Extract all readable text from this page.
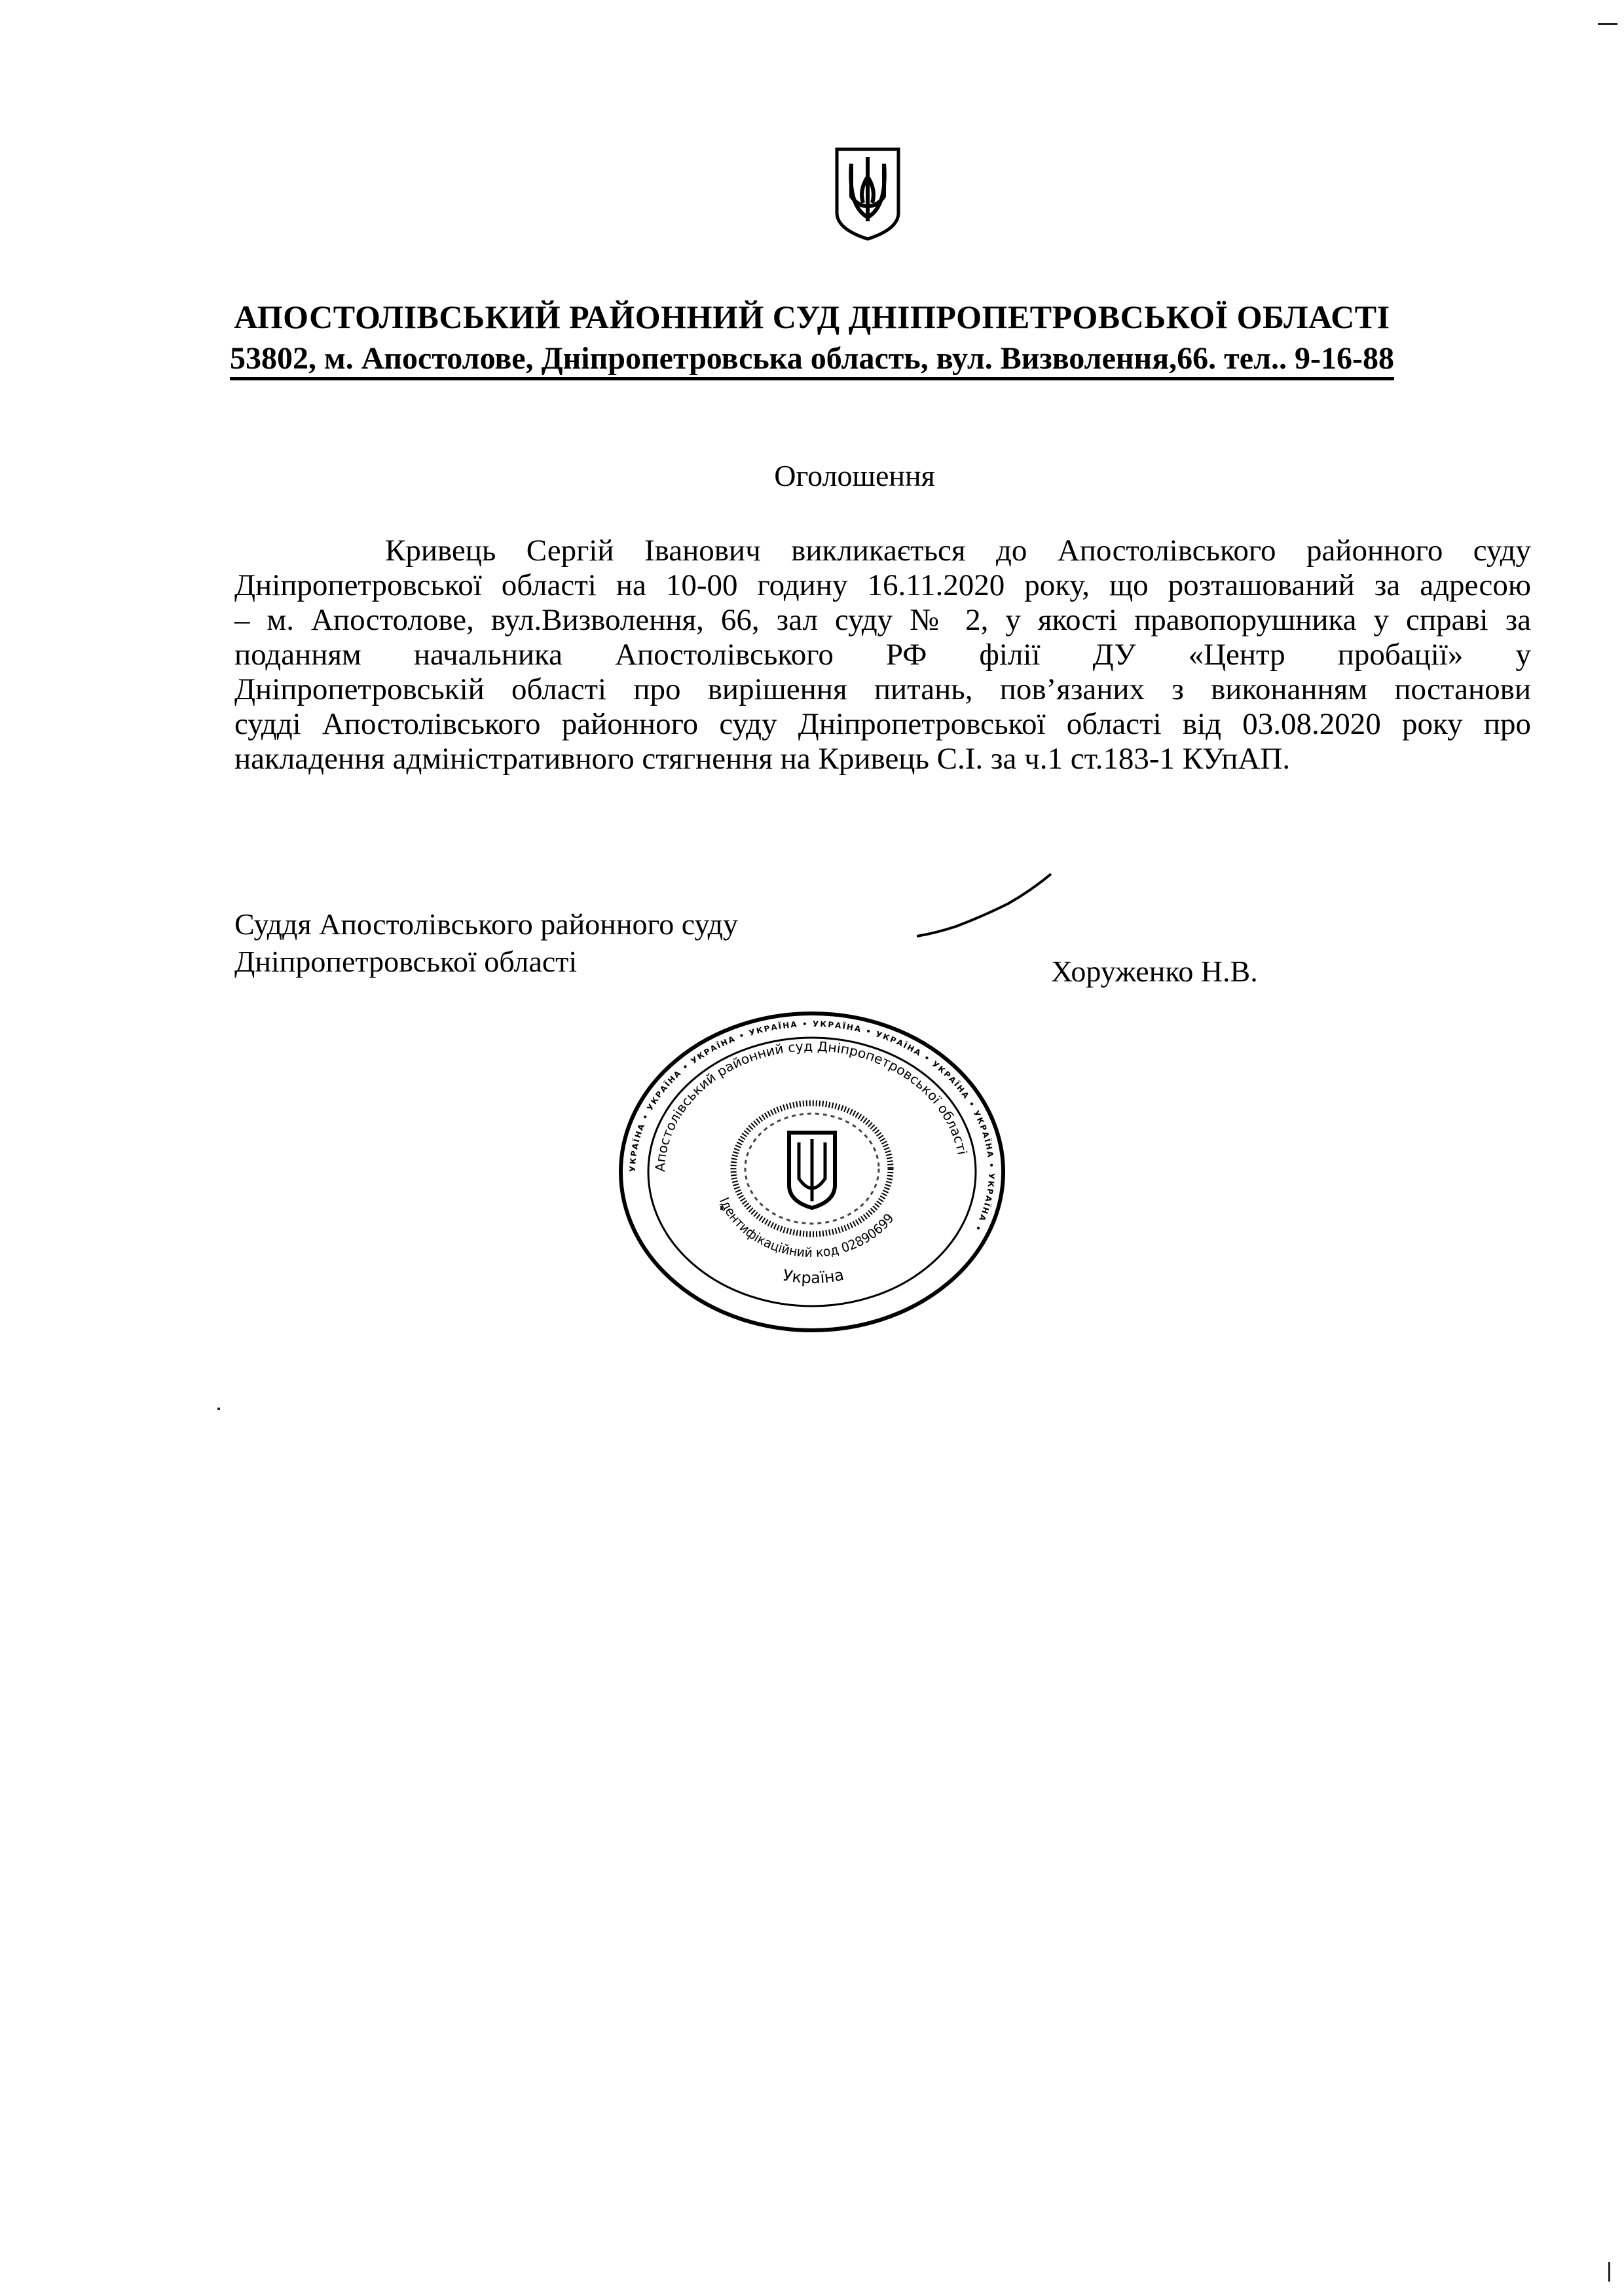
АПОСТОЛІВСЬКИЙ РАЙОННИЙ СУД ДНІПРОПЕТРОВСЬКОЇ ОБЛАСТІ
53802, м. Апостолове, Дніпропетровська область, вул. Визволення,66. тел.. 9-16-88
Оголошення
Кривець Сергій Іванович викликається до Апостолівського районного суду
Дніпропетровської області на 10-00 годину 16.11.2020 року, що розташований за адресою
– м. Апостолове, вул.Визволення, 66, зал суду № 2, у якості правопорушника у справі за
поданням начальника Апостолівського РФ філії ДУ «Центр пробації» у
Дніпропетровській області про вирішення питань, пов’язаних з виконанням постанови
судді Апостолівського районного суду Дніпропетровської області від 03.08.2020 року про
накладення адміністративного стягнення на Кривець С.І. за ч.1 ст.183-1 КУпАП.
Суддя Апостолівського районного суду
Дніпропетровської області	Хоруженко Н.В.
УКРАЇНА • УКРАЇНА • УКРАЇНА • УКРАЇНА • УКРАЇНА • УКРАЇНА • УКРАЇНА • УКРАЇНА • УКРАЇНА •
Апостолівський районний суд Дніпропетровської області
Ідентифікаційний код 02890699
Україна
